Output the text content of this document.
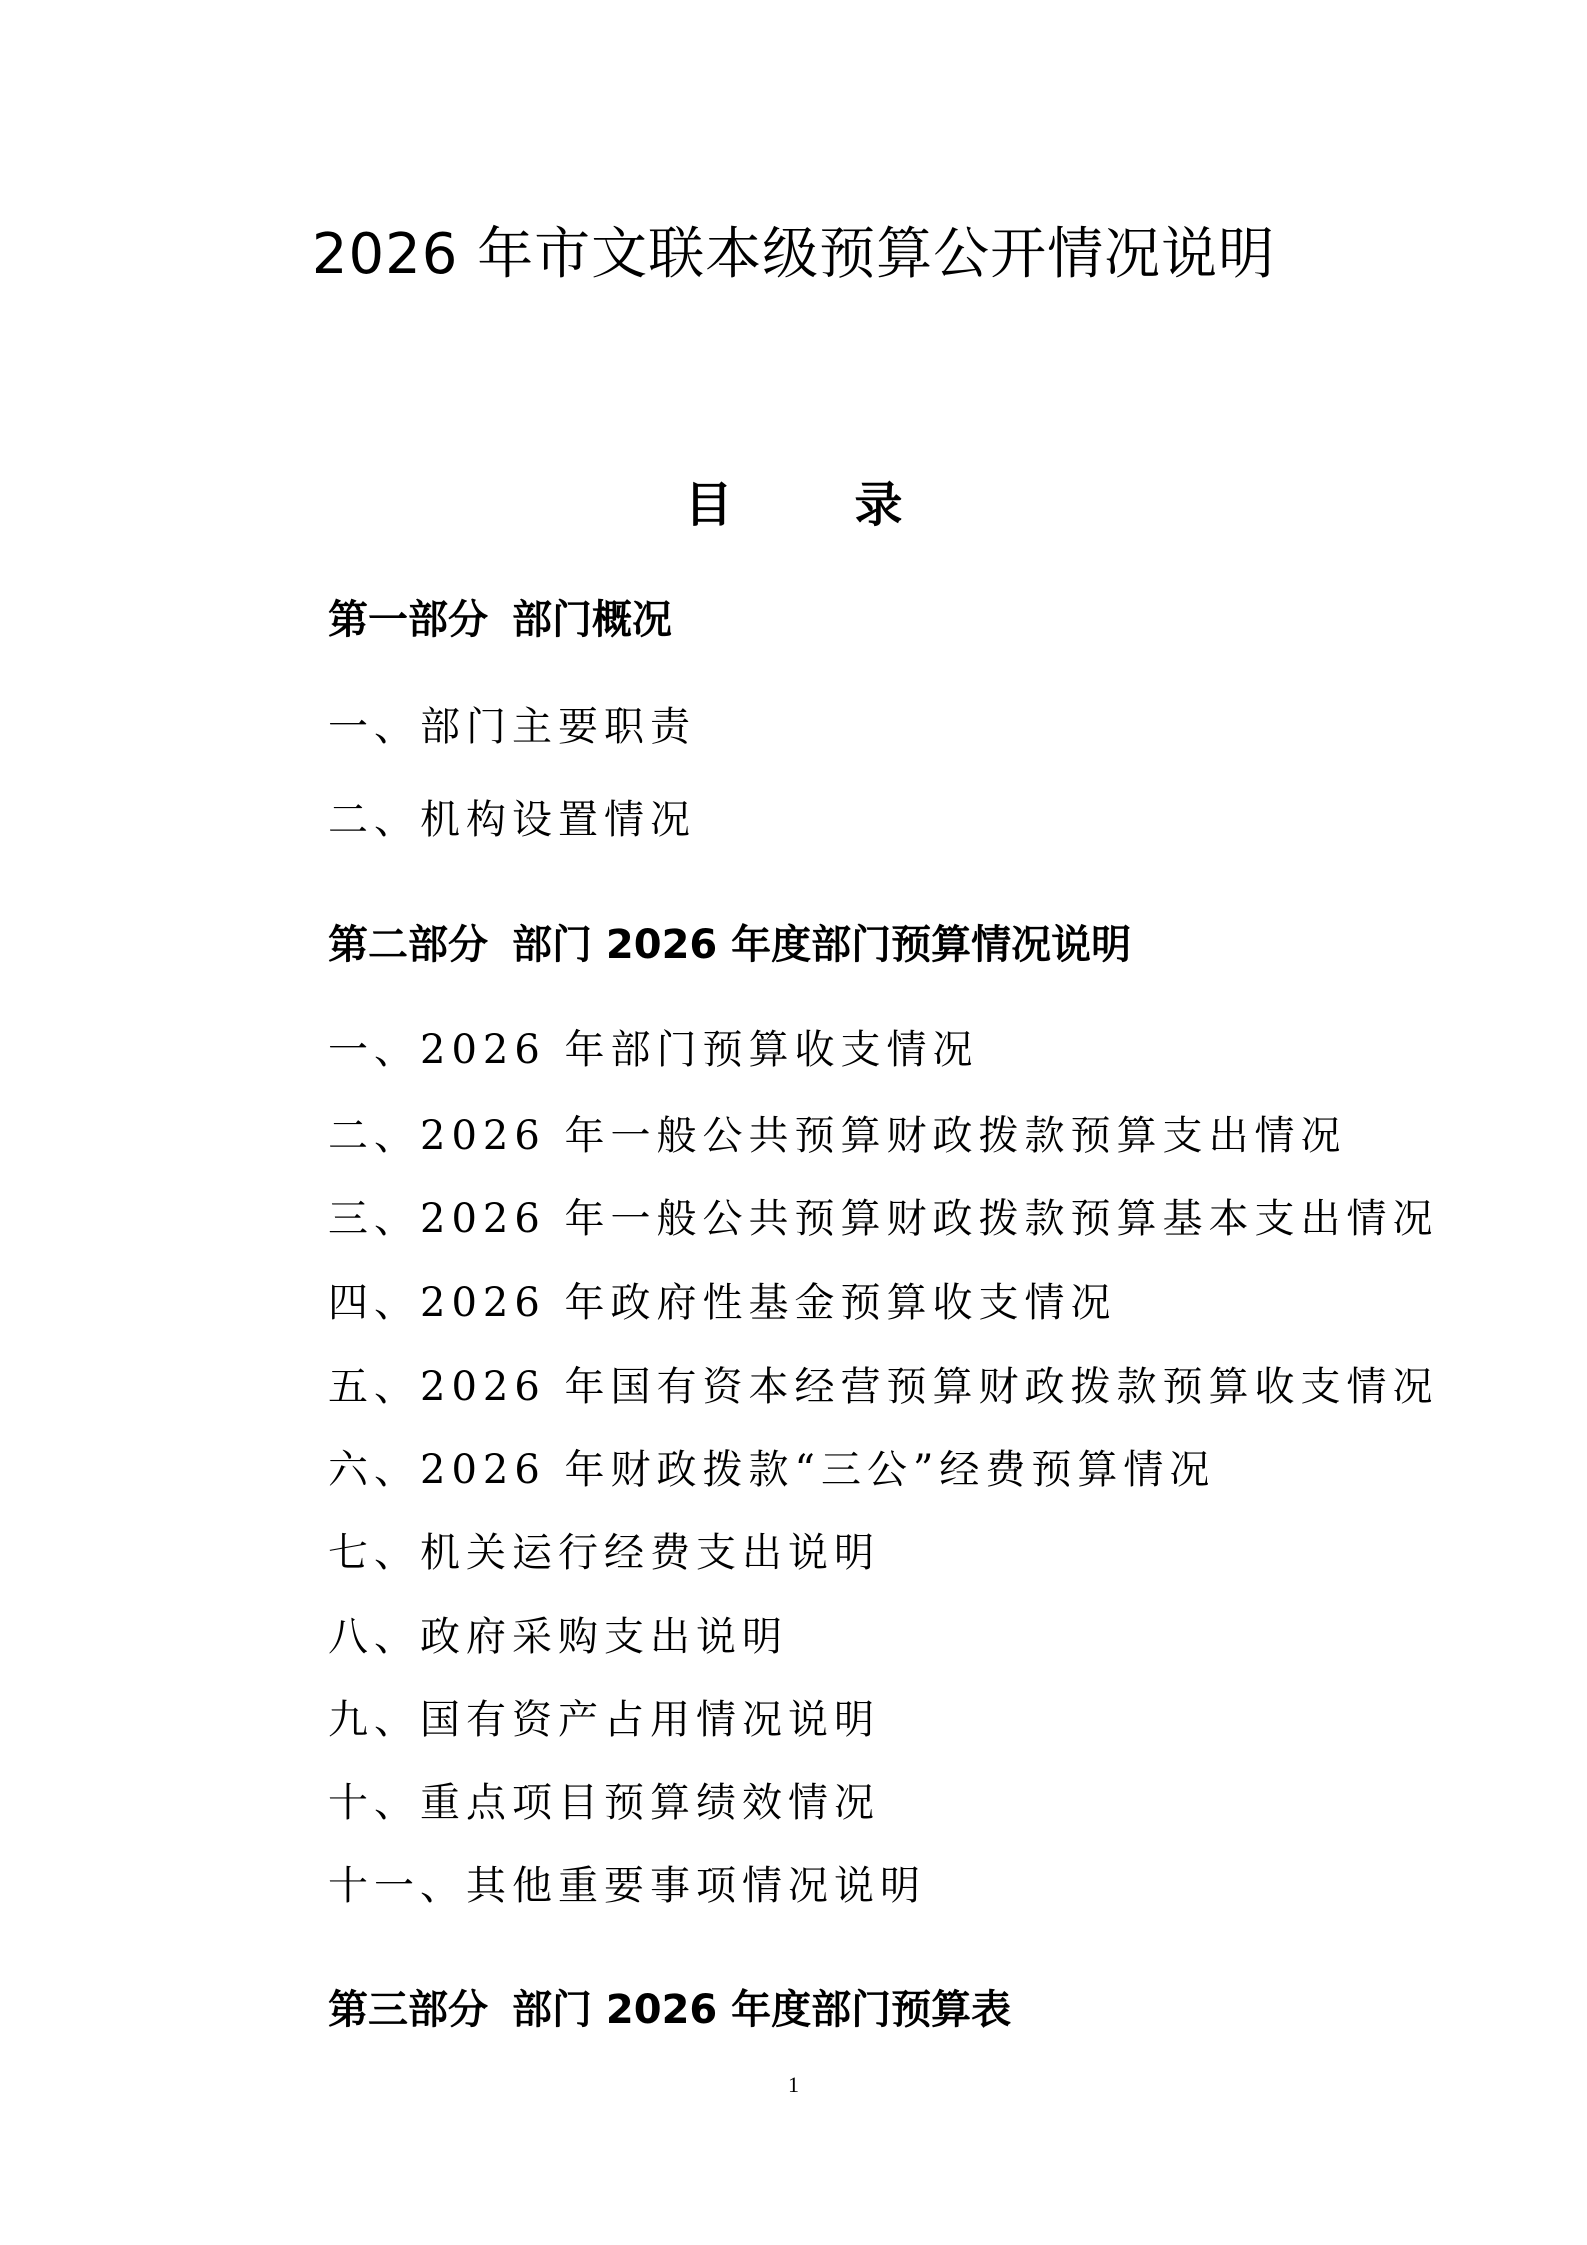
2026 年市文联本级预算公开情况说明
目	录
第一部分 部门概况
一、部门主要职责
二、机构设置情况
第二部分 部门 2026 年度部门预算情况说明
一、2026 年部门预算收支情况
二、2026 年一般公共预算财政拨款预算支出情况
三、2026 年一般公共预算财政拨款预算基本支出情况
四、2026 年政府性基金预算收支情况
五、2026 年国有资本经营预算财政拨款预算收支情况
六、2026 年财政拨款“三公”经费预算情况
七、机关运行经费支出说明
八、政府采购支出说明
九、国有资产占用情况说明
十、重点项目预算绩效情况
十一、其他重要事项情况说明
第三部分 部门 2026 年度部门预算表
1
